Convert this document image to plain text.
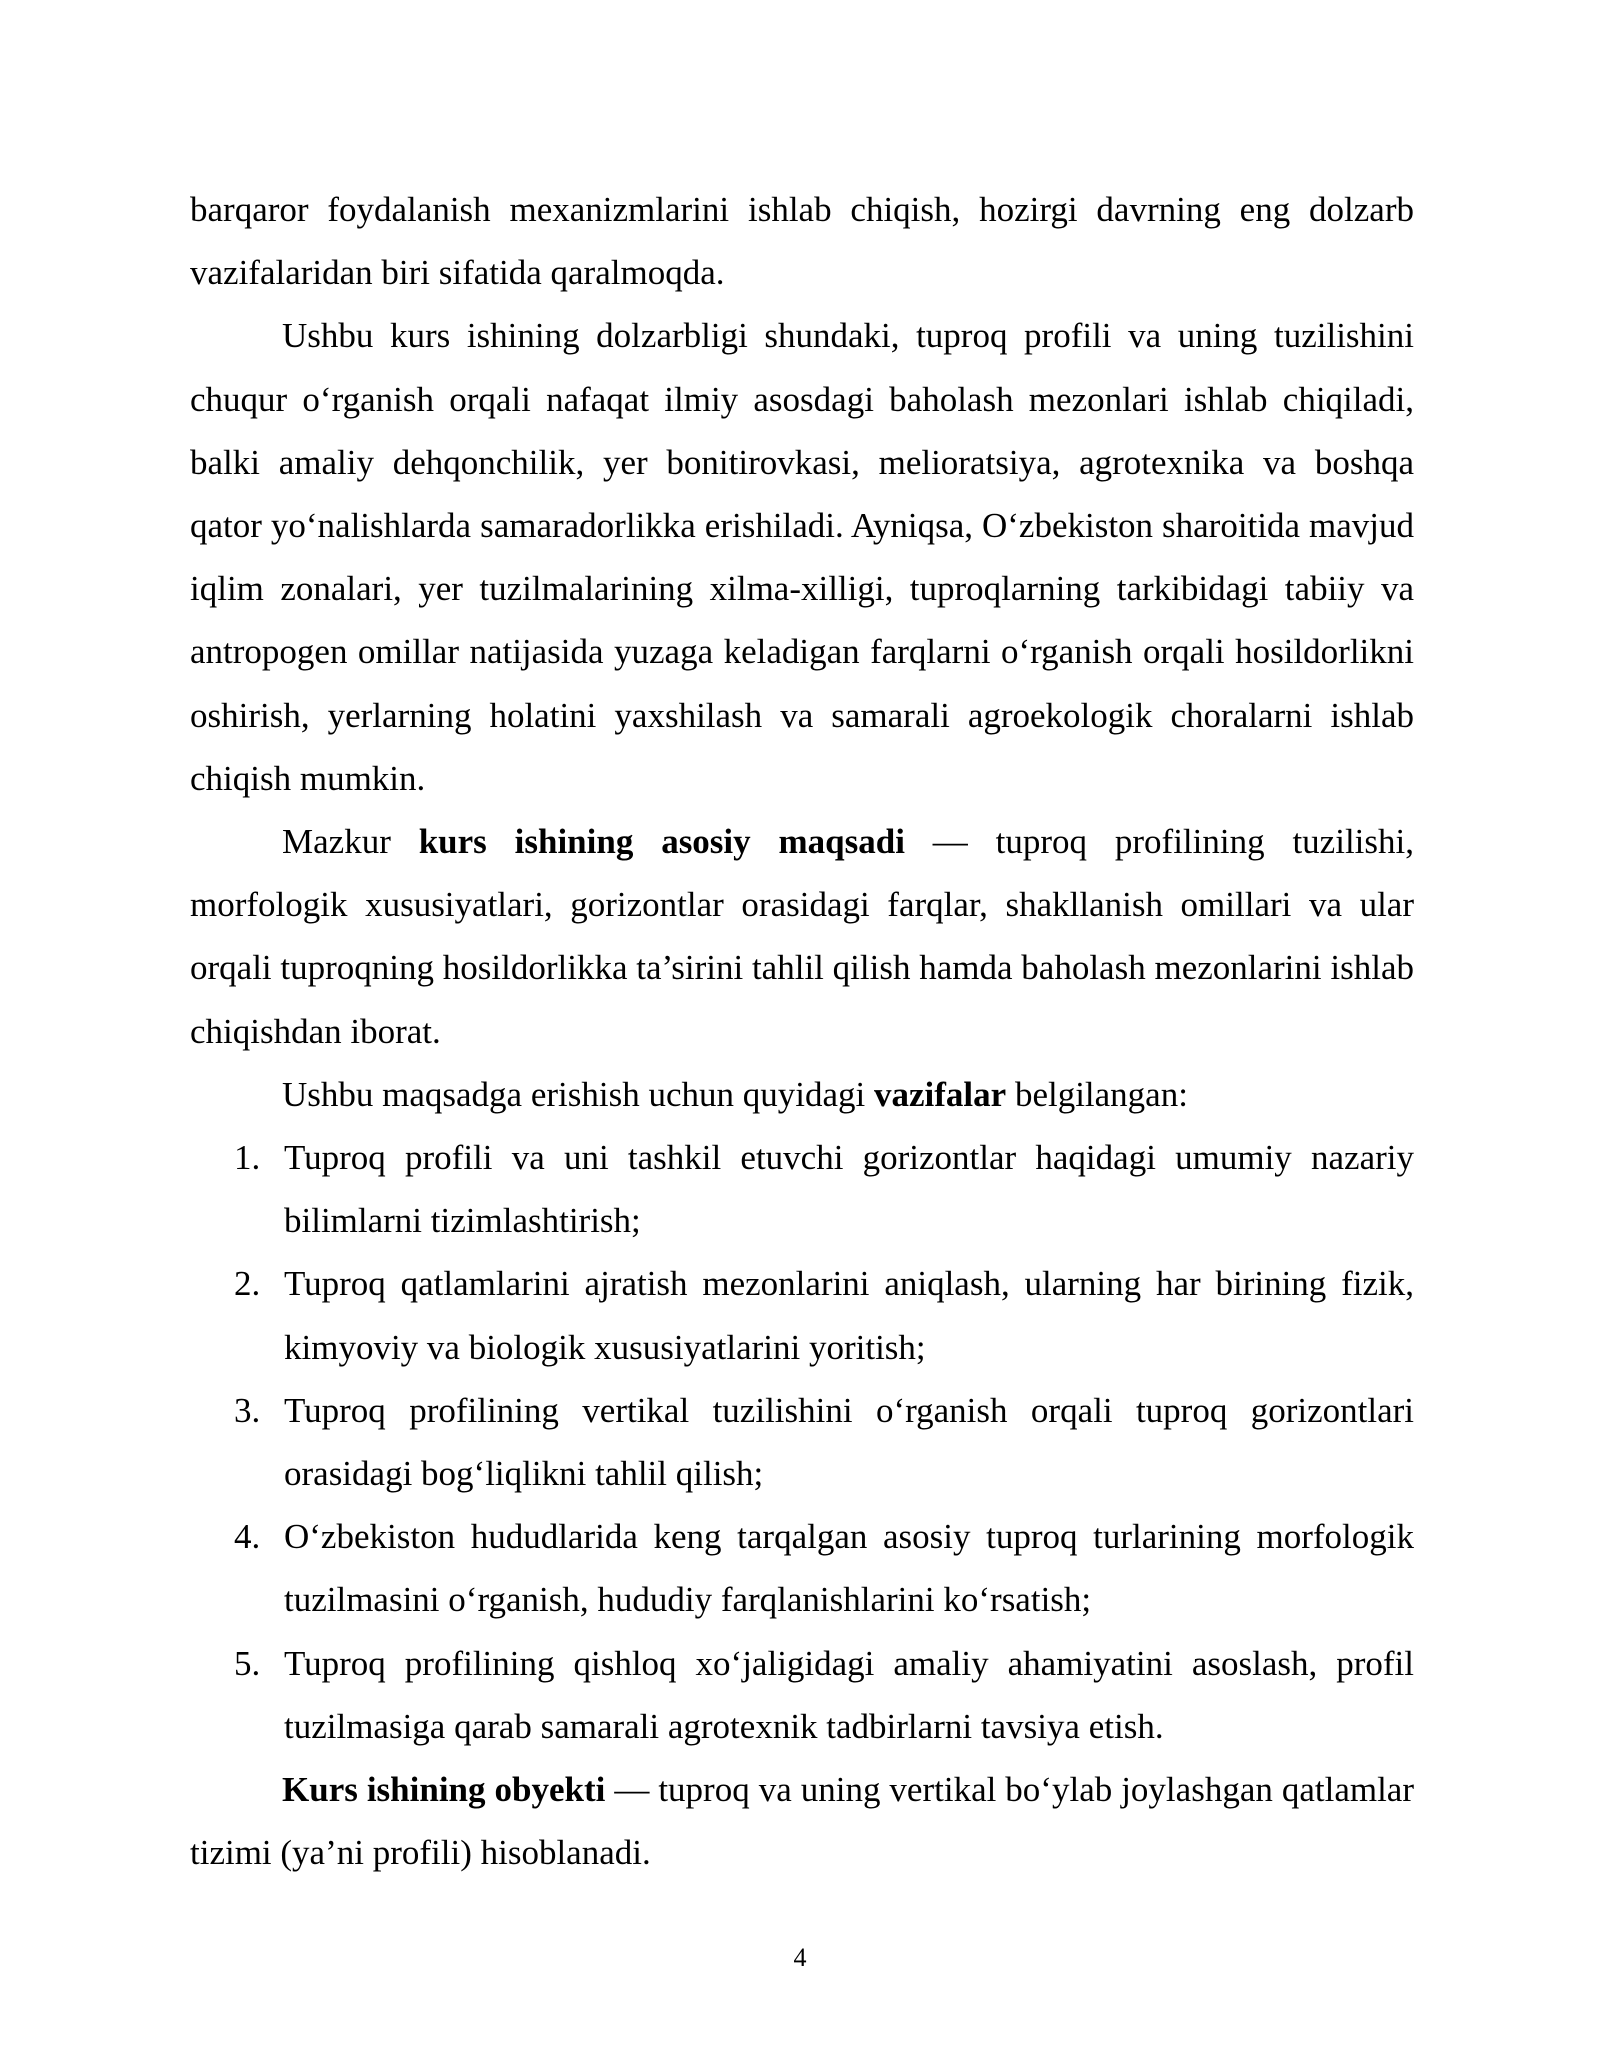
barqaror foydalanish mexanizmlarini ishlab chiqish, hozirgi davrning eng dolzarb vazifalaridan biri sifatida qaralmoqda.

Ushbu kurs ishining dolzarbligi shundaki, tuproq profili va uning tuzilishini chuqur o‘rganish orqali nafaqat ilmiy asosdagi baholash mezonlari ishlab chiqiladi, balki amaliy dehqonchilik, yer bonitirovkasi, melioratsiya, agrotexnika va boshqa qator yo‘nalishlarda samaradorlikka erishiladi. Ayniqsa, O‘zbekiston sharoitida mavjud iqlim zonalari, yer tuzilmalarining xilma-xilligi, tuproqlarning tarkibidagi tabiiy va antropogen omillar natijasida yuzaga keladigan farqlarni o‘rganish orqali hosildorlikni oshirish, yerlarning holatini yaxshilash va samarali agroekologik choralarni ishlab chiqish mumkin.

Mazkur kurs ishining asosiy maqsadi — tuproq profilining tuzilishi, morfologik xususiyatlari, gorizontlar orasidagi farqlar, shakllanish omillari va ular orqali tuproqning hosildorlikka ta’sirini tahlil qilish hamda baholash mezonlarini ishlab chiqishdan iborat.

Ushbu maqsadga erishish uchun quyidagi vazifalar belgilangan:

1. Tuproq profili va uni tashkil etuvchi gorizontlar haqidagi umumiy nazariy bilimlarni tizimlashtirish;
2. Tuproq qatlamlarini ajratish mezonlarini aniqlash, ularning har birining fizik, kimyoviy va biologik xususiyatlarini yoritish;
3. Tuproq profilining vertikal tuzilishini o‘rganish orqali tuproq gorizontlari orasidagi bog‘liqlikni tahlil qilish;
4. O‘zbekiston hududlarida keng tarqalgan asosiy tuproq turlarining morfologik tuzilmasini o‘rganish, hududiy farqlanishlarini ko‘rsatish;
5. Tuproq profilining qishloq xo‘jaligidagi amaliy ahamiyatini asoslash, profil tuzilmasiga qarab samarali agrotexnik tadbirlarni tavsiya etish.

Kurs ishining obyekti — tuproq va uning vertikal bo‘ylab joylashgan qatlamlar tizimi (ya’ni profili) hisoblanadi.

4
